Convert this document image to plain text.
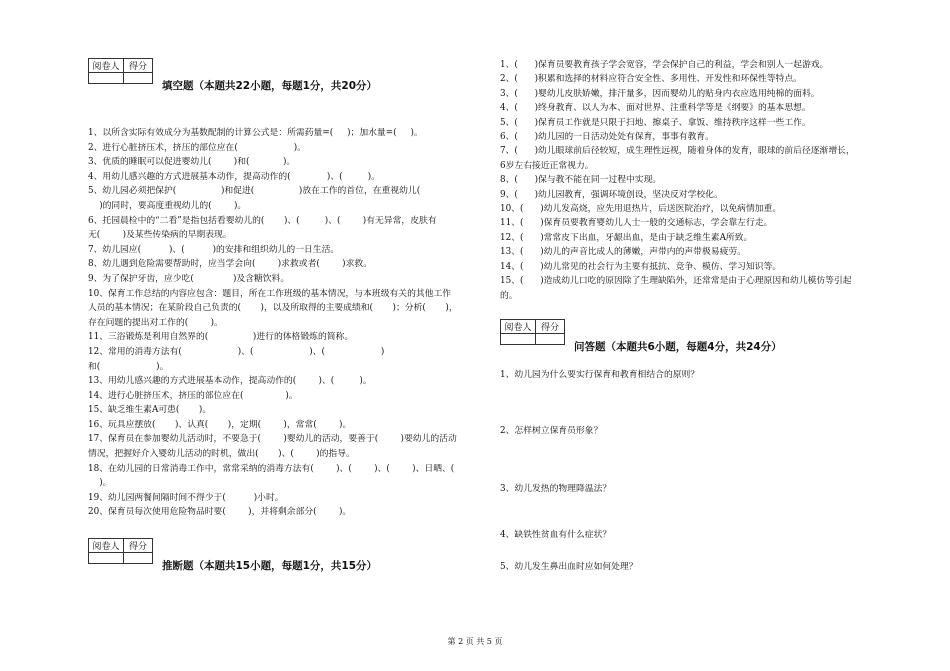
阅卷人	得分

填空题（本题共22小题，每题1分，共20分）
1、以所含实际有效成分为基数配制的计算公式是：所需药量=(     )；加水量=(     )。
2、进行心脏挤压术，挤压的部位应在(                    )。
3、优质的睡眠可以促进婴幼儿(        )和(            )。
4、用幼儿感兴趣的方式进展基本动作，提高动作的(             )、(         )。
5、幼儿园必须把保护(                )和促进(                )放在工作的首位，在重视幼儿(
)的同时，要高度重视幼儿的(        )。
6、托园晨检中的“二看”是指包括看婴幼儿的(       )、(         )、(        )有无异常，皮肤有
无(        )及某些传染病的早期表现。
7、幼儿园应(          )、(          )的安排和组织幼儿的一日生活。
8、幼儿遇到危险需要帮助时，应当学会向(        )求救或者(        )求救。
9、为了保护牙齿，应少吃(              )及含糖饮料。
10、保育工作总结的内容应包含：题目，所在工作班级的基本情况，与本班级有关的其他工作
人员的基本情况；在某阶段自己负责的(       )，以及所取得的主要成绩和(       )；分析(       )，
存在问题的提出对工作的(        )。
11、三浴锻炼是利用自然界的(                )进行的体格锻炼的简称。
12、常用的消毒方法有(                    )、(                    )、(                    )
和(                    )。
13、用幼儿感兴趣的方式进展基本动作，提高动作的(        )、(         )。
14、进行心脏挤压术，挤压的部位应在(               )。
15、缺乏维生素A可患(       )。
16、玩具应摆放(       )、认真(       )，定期(        )，常常(        )。
17、保育员在参加婴幼儿活动时，不要急于(        )婴幼儿的活动，要善于(        )要幼儿的活动
情况，把握好介入婴幼儿活动的时机，做出(       )、(        )的指导。
18、在幼儿园的日常消毒工作中，常常采纳的消毒方法有(        )、(        )、(        )、日晒、(
)。
19、幼儿园两餐间隔时间不得少于(          )小时。
20、保育员每次使用危险物品时要(        )，并将剩余部分(        )。
阅卷人	得分

推断题（本题共15小题，每题1分，共15分）
1、(      )保育员要教育孩子学会宽容，学会保护自己的利益，学会和别人一起游戏。
2、(      )积累和选择的材料应符合安全性、多用性、开发性和环保性等特点。
3、(      )婴幼儿皮肤娇嫩，排汗量多，因而婴幼儿的贴身内衣应选用纯棉的面料。
4、(      )终身教育、以人为本、面对世界、注重科学等是《纲要》的基本思想。
5、(      )保育员工作就是只限于扫地、擦桌子、拿饭、维持秩序这样一些工作。
6、(      )幼儿园的一日活动处处有保育，事事有教育。
7、(      )幼儿眼球前后径较短，成生理性远视，随着身体的发育，眼球的前后径逐渐增长，
6岁左右接近正常视力。
8、(      )保与教不能在同一过程中实现。
9、(      )幼儿园教育，强调环境创设，坚决反对学校化。
10、(      )幼儿发高烧，应先用退热片，后送医院治疗，以免病情加重。
11、(      )保育员要教育婴幼儿人士一般的交通标志，学会靠左行走。
12、(      )常常皮下出血，牙龈出血，是由于缺乏维生素A所致。
13、(      )幼儿的声音比成人的薄嫩，声带内的声带极易疲劳。
14、(      )幼儿常见的社会行为主要有抵抗、竞争、模仿、学习知识等。
15、(      )造成幼儿口吃的原因除了生理缺陷外，还常常是由于心理原因和幼儿模仿等引起
的。
阅卷人	得分

问答题（本题共6小题，每题4分，共24分）
1、幼儿园为什么要实行保育和教育相结合的原则？
2、怎样树立保育员形象？
3、幼儿发热的物理降温法？
4、缺铁性贫血有什么症状？
5、幼儿发生鼻出血时应如何处理？
第 2 页 共 5 页
